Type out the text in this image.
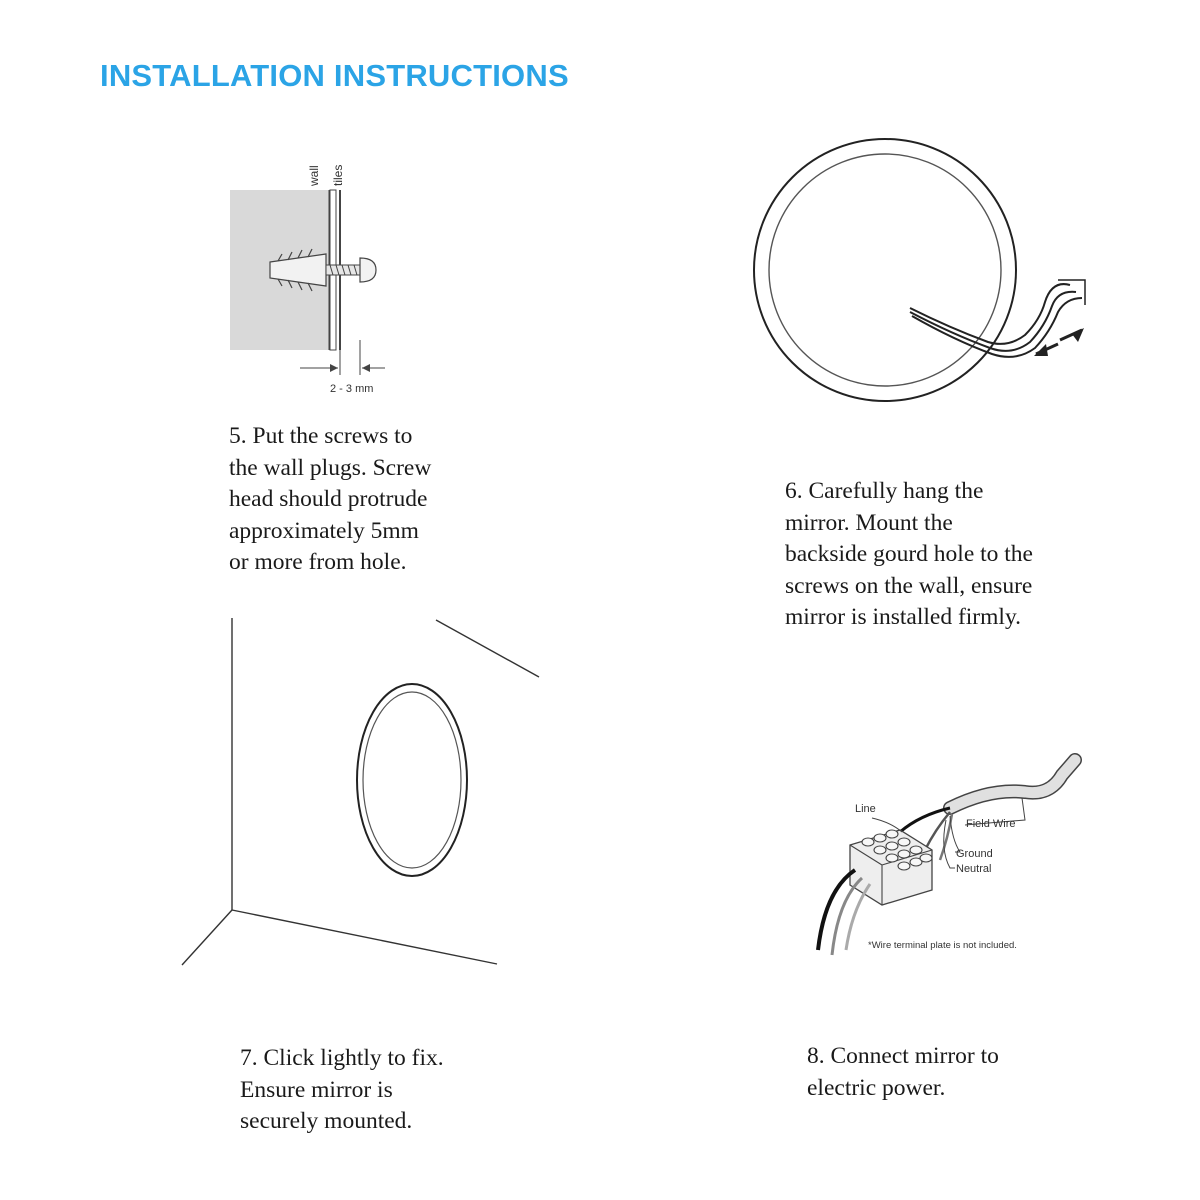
INSTALLATION INSTRUCTIONS
wall tiles
2 - 3 mm
5. Put the screws to
the wall plugs. Screw
head should protrude
approximately 5mm
or more from hole.
6. Carefully hang the
mirror. Mount the
backside gourd hole to the
screws on the wall, ensure
mirror is installed firmly.
7. Click lightly to fix.
Ensure mirror is
securely mounted.
Line
Field Wire
Ground
Neutral
*Wire terminal plate is not included.
8. Connect mirror to
electric power.
